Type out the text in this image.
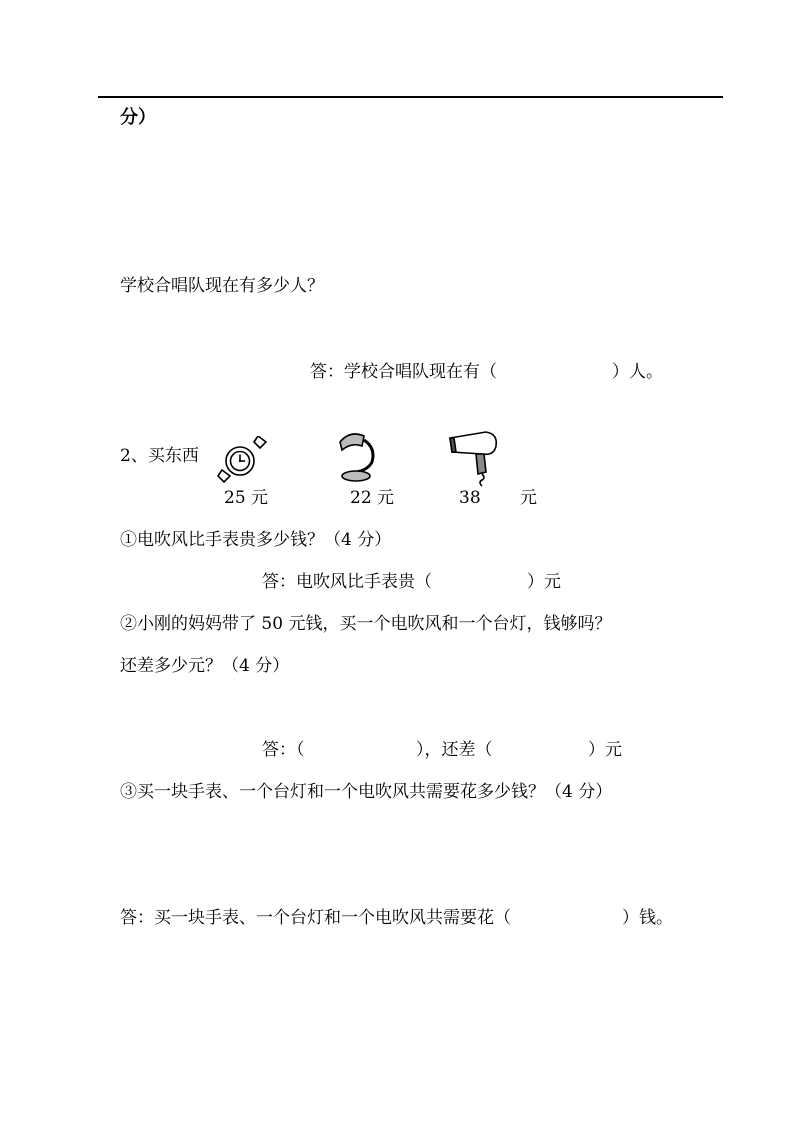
分）
学校合唱队现在有多少人？
答：学校合唱队现在有（	）人。
2、买东西
25 元	22 元	38 元
①电吹风比手表贵多少钱？（4 分）
答：电吹风比手表贵（	）元
②小刚的妈妈带了 50 元钱，买一个电吹风和一个台灯，钱够吗？
还差多少元？（4 分）
答：（	），还差（	）元
③买一块手表、一个台灯和一个电吹风共需要花多少钱？（4 分）
答：买一块手表、一个台灯和一个电吹风共需要花（	）钱。
